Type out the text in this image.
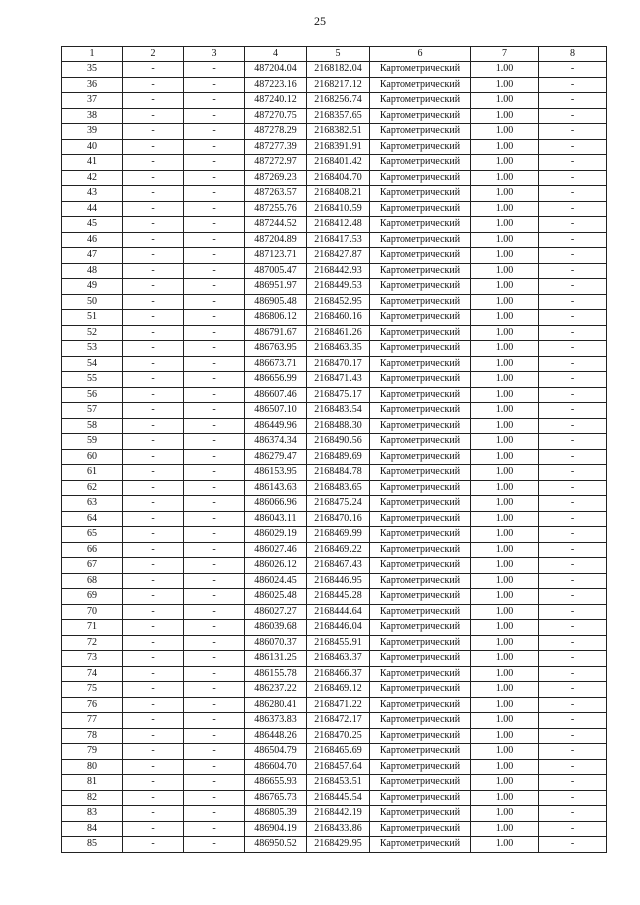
25
1	2	3	4	5	6	7	8
35	-	-	487204.04	2168182.04	Картометрический	1.00	-
36	-	-	487223.16	2168217.12	Картометрический	1.00	-
37	-	-	487240.12	2168256.74	Картометрический	1.00	-
38	-	-	487270.75	2168357.65	Картометрический	1.00	-
39	-	-	487278.29	2168382.51	Картометрический	1.00	-
40	-	-	487277.39	2168391.91	Картометрический	1.00	-
41	-	-	487272.97	2168401.42	Картометрический	1.00	-
42	-	-	487269.23	2168404.70	Картометрический	1.00	-
43	-	-	487263.57	2168408.21	Картометрический	1.00	-
44	-	-	487255.76	2168410.59	Картометрический	1.00	-
45	-	-	487244.52	2168412.48	Картометрический	1.00	-
46	-	-	487204.89	2168417.53	Картометрический	1.00	-
47	-	-	487123.71	2168427.87	Картометрический	1.00	-
48	-	-	487005.47	2168442.93	Картометрический	1.00	-
49	-	-	486951.97	2168449.53	Картометрический	1.00	-
50	-	-	486905.48	2168452.95	Картометрический	1.00	-
51	-	-	486806.12	2168460.16	Картометрический	1.00	-
52	-	-	486791.67	2168461.26	Картометрический	1.00	-
53	-	-	486763.95	2168463.35	Картометрический	1.00	-
54	-	-	486673.71	2168470.17	Картометрический	1.00	-
55	-	-	486656.99	2168471.43	Картометрический	1.00	-
56	-	-	486607.46	2168475.17	Картометрический	1.00	-
57	-	-	486507.10	2168483.54	Картометрический	1.00	-
58	-	-	486449.96	2168488.30	Картометрический	1.00	-
59	-	-	486374.34	2168490.56	Картометрический	1.00	-
60	-	-	486279.47	2168489.69	Картометрический	1.00	-
61	-	-	486153.95	2168484.78	Картометрический	1.00	-
62	-	-	486143.63	2168483.65	Картометрический	1.00	-
63	-	-	486066.96	2168475.24	Картометрический	1.00	-
64	-	-	486043.11	2168470.16	Картометрический	1.00	-
65	-	-	486029.19	2168469.99	Картометрический	1.00	-
66	-	-	486027.46	2168469.22	Картометрический	1.00	-
67	-	-	486026.12	2168467.43	Картометрический	1.00	-
68	-	-	486024.45	2168446.95	Картометрический	1.00	-
69	-	-	486025.48	2168445.28	Картометрический	1.00	-
70	-	-	486027.27	2168444.64	Картометрический	1.00	-
71	-	-	486039.68	2168446.04	Картометрический	1.00	-
72	-	-	486070.37	2168455.91	Картометрический	1.00	-
73	-	-	486131.25	2168463.37	Картометрический	1.00	-
74	-	-	486155.78	2168466.37	Картометрический	1.00	-
75	-	-	486237.22	2168469.12	Картометрический	1.00	-
76	-	-	486280.41	2168471.22	Картометрический	1.00	-
77	-	-	486373.83	2168472.17	Картометрический	1.00	-
78	-	-	486448.26	2168470.25	Картометрический	1.00	-
79	-	-	486504.79	2168465.69	Картометрический	1.00	-
80	-	-	486604.70	2168457.64	Картометрический	1.00	-
81	-	-	486655.93	2168453.51	Картометрический	1.00	-
82	-	-	486765.73	2168445.54	Картометрический	1.00	-
83	-	-	486805.39	2168442.19	Картометрический	1.00	-
84	-	-	486904.19	2168433.86	Картометрический	1.00	-
85	-	-	486950.52	2168429.95	Картометрический	1.00	-
